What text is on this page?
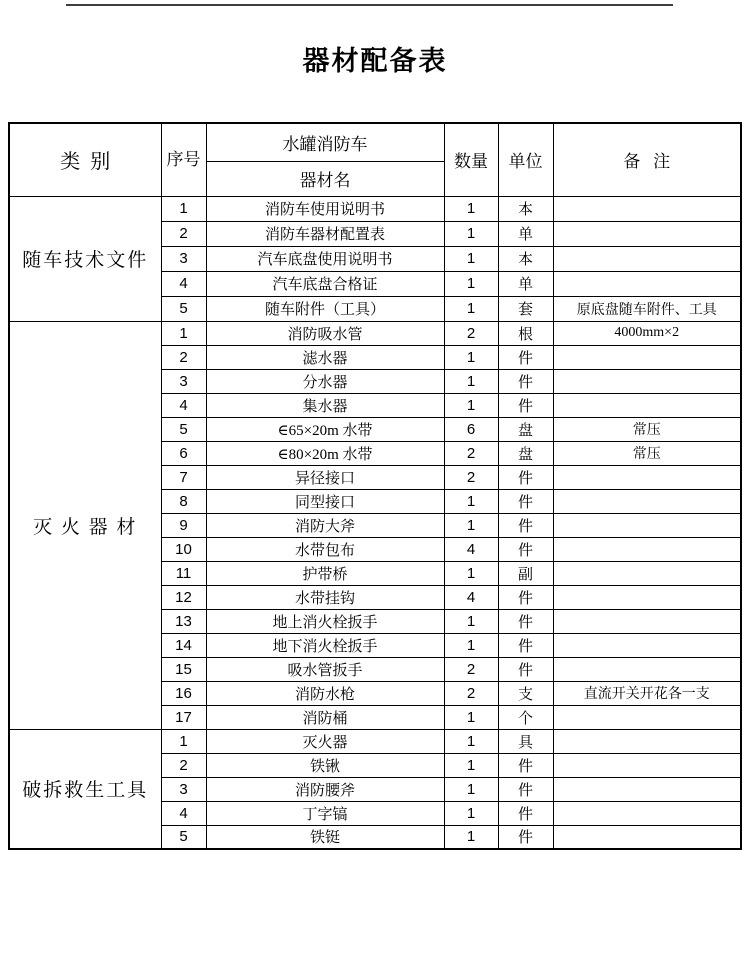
器材配备表
类  别	序号	水罐消防车	数量	单位	备   注
		器材名			
随车技术文件	1	消防车使用说明书	1	本	
	2	消防车器材配置表	1	单	
	3	汽车底盘使用说明书	1	本	
	4	汽车底盘合格证	1	单	
	5	随车附件（工具）	1	套	原底盘随车附件、工具
灭 火 器 材	1	消防吸水管	2	根	4000mm×2
	2	滤水器	1	件	
	3	分水器	1	件	
	4	集水器	1	件	
	5	∈65×20m 水带	6	盘	常压
	6	∈80×20m 水带	2	盘	常压
	7	异径接口	2	件	
	8	同型接口	1	件	
	9	消防大斧	1	件	
	10	水带包布	4	件	
	11	护带桥	1	副	
	12	水带挂钩	4	件	
	13	地上消火栓扳手	1	件	
	14	地下消火栓扳手	1	件	
	15	吸水管扳手	2	件	
	16	消防水枪	2	支	直流开关开花各一支
	17	消防桶	1	个	
破拆救生工具	1	灭火器	1	具	
	2	铁锹	1	件	
	3	消防腰斧	1	件	
	4	丁字镐	1	件	
	5	铁铤	1	件	
